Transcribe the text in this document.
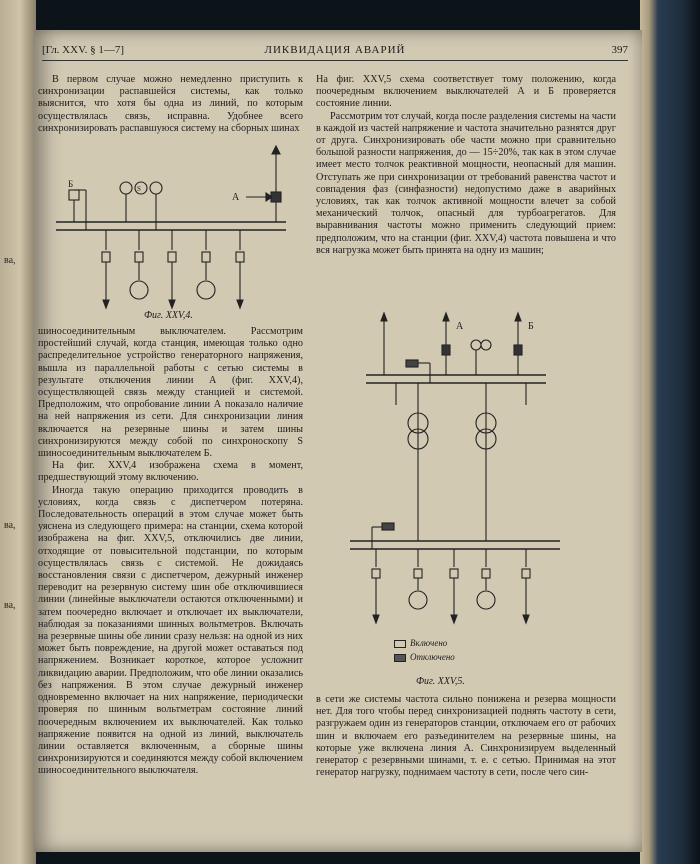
ва,
ва,
ва,
[Гл. XXV. § 1—7]	ЛИКВИДАЦИЯ АВАРИЙ	397

В первом случае можно немедленно приступить к синхронизации распавшейся системы, как только выяснится, что хотя бы одна из линий, по которым осуществлялась связь, исправна. Удобнее всего синхронизировать распавшуюся систему на сборных шинах

Б	S
А
Фиг. XXV,4.

шиносоединительным выключателем. Рассмотрим простейший случай, когда станция, имеющая только одно распределительное устройство генераторного напряжения, вышла из параллельной работы с сетью системы в результате отключения линии А (фиг. XXV,4), осуществляющей связь между станцией и системой. Предположим, что опробование линии А показало наличие на ней напряжения из сети. Для синхронизации линия включается на резервные шины и затем шины синхронизируются между собой по синхроноскопу S шиносоединительным выключателем Б.

На фиг. XXV,4 изображена схема в момент, предшествующий этому включению.

Иногда такую операцию приходится проводить в условиях, когда связь с диспетчером потеряна. Последовательность операций в этом случае может быть уяснена из следующего примера: на станции, схема которой изображена на фиг. XXV,5, отключились две линии, отходящие от повысительной подстанции, по которым осуществлялась связь с системой. Не дожидаясь восстановления связи с диспетчером, дежурный инженер переводит на резервную систему шин обе отключившиеся линии (линейные выключатели остаются отключенными) и затем поочередно включает и отключает их выключатели, наблюдая за показаниями шинных вольтметров. Включать на резервные шины обе линии сразу нельзя: на одной из них может быть повреждение, на другой может оставаться под напряжением. Возникает короткое, которое усложнит ликвидацию аварии. Предположим, что обе линии оказались без напряжения. В этом случае дежурный инженер одновременно включает на них напряжение, периодически проверяя по шинным вольтметрам состояние линий поочередным включением их выключателей. Как только напряжение появится на одной из линий, выключатель линии оставляется включенным, а сборные шины синхронизируются и соединяются между собой включением шиносоединительного выключателя.

На фиг. XXV,5 схема соответствует тому положению, когда поочередным включением выключателей А и Б проверяется состояние линии.

Рассмотрим тот случай, когда после разделения системы на части в каждой из частей напряжение и частота значительно разнятся друг от друга. Синхронизировать обе части можно при сравнительно большой разности напряжения, до — 15÷20%, так как в этом случае имеет место толчок реактивной мощности, неопасный для машин. Отступать же при синхронизации от требований равенства частот и совпадения фаз (синфазности) недопустимо даже в аварийных условиях, так как толчок активной мощности влечет за собой механический толчок, опасный для турбоагрегатов. Для выравнивания частоты можно применить следующий прием: предположим, что на станции (фиг. XXV,4) частота повышена и что вся нагрузка может быть принята на одну из машин;

А	Б
Включено
Отключено
Фиг. XXV,5.

в сети же системы частота сильно понижена и резерва мощности нет. Для того чтобы перед синхронизацией поднять частоту в сети, разгружаем один из генераторов станции, отключаем его от рабочих шин и включаем его разъединителем на резервные шины, на которые уже включена линия А. Синхронизируем выделенный генератор с резервными шинами, т. е. с сетью. Принимая на этот генератор нагрузку, поднимаем частоту в сети, после чего син-
